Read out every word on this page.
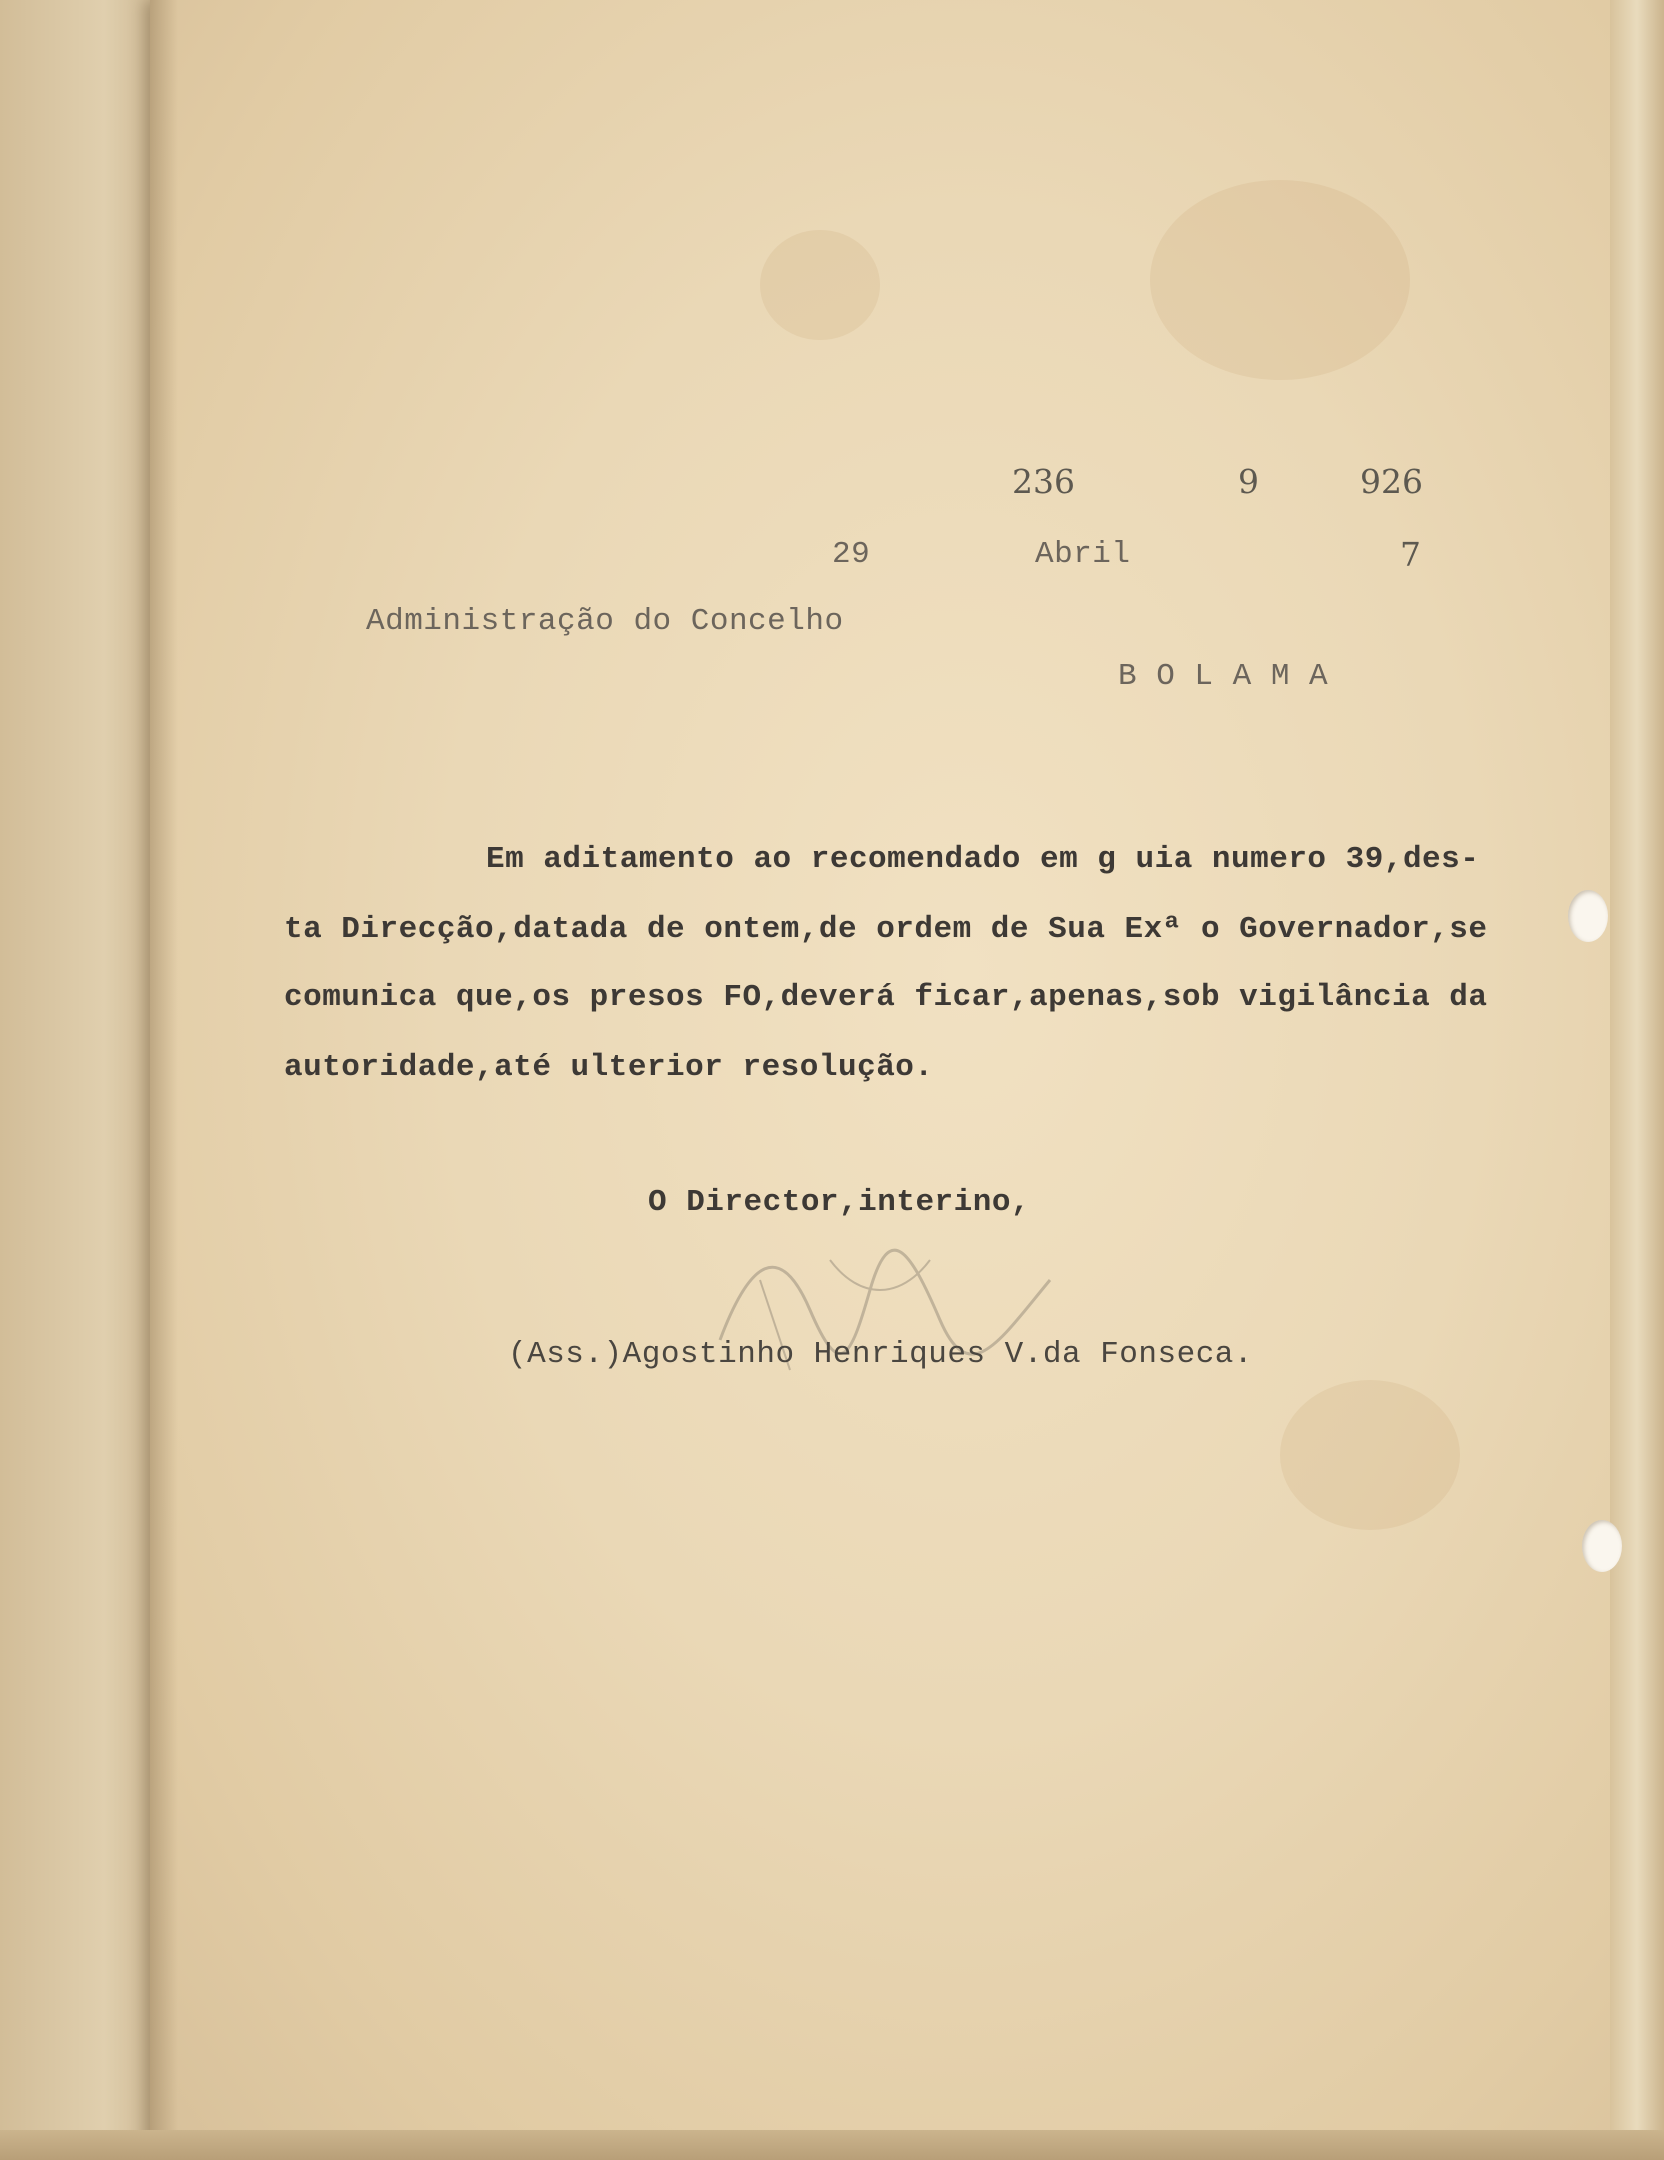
236	9	926
29	Abril	7
Administração do Concelho
B O L A M A
Em aditamento ao recomendado em g uia numero 39,des-
ta Direcção,datada de ontem,de ordem de Sua Exª o Governador,se
comunica que,os presos FO,deverá ficar,apenas,sob vigilância da
autoridade,até ulterior resolução.
O Director,interino,
(Ass.)Agostinho Henriques V.da Fonseca.
